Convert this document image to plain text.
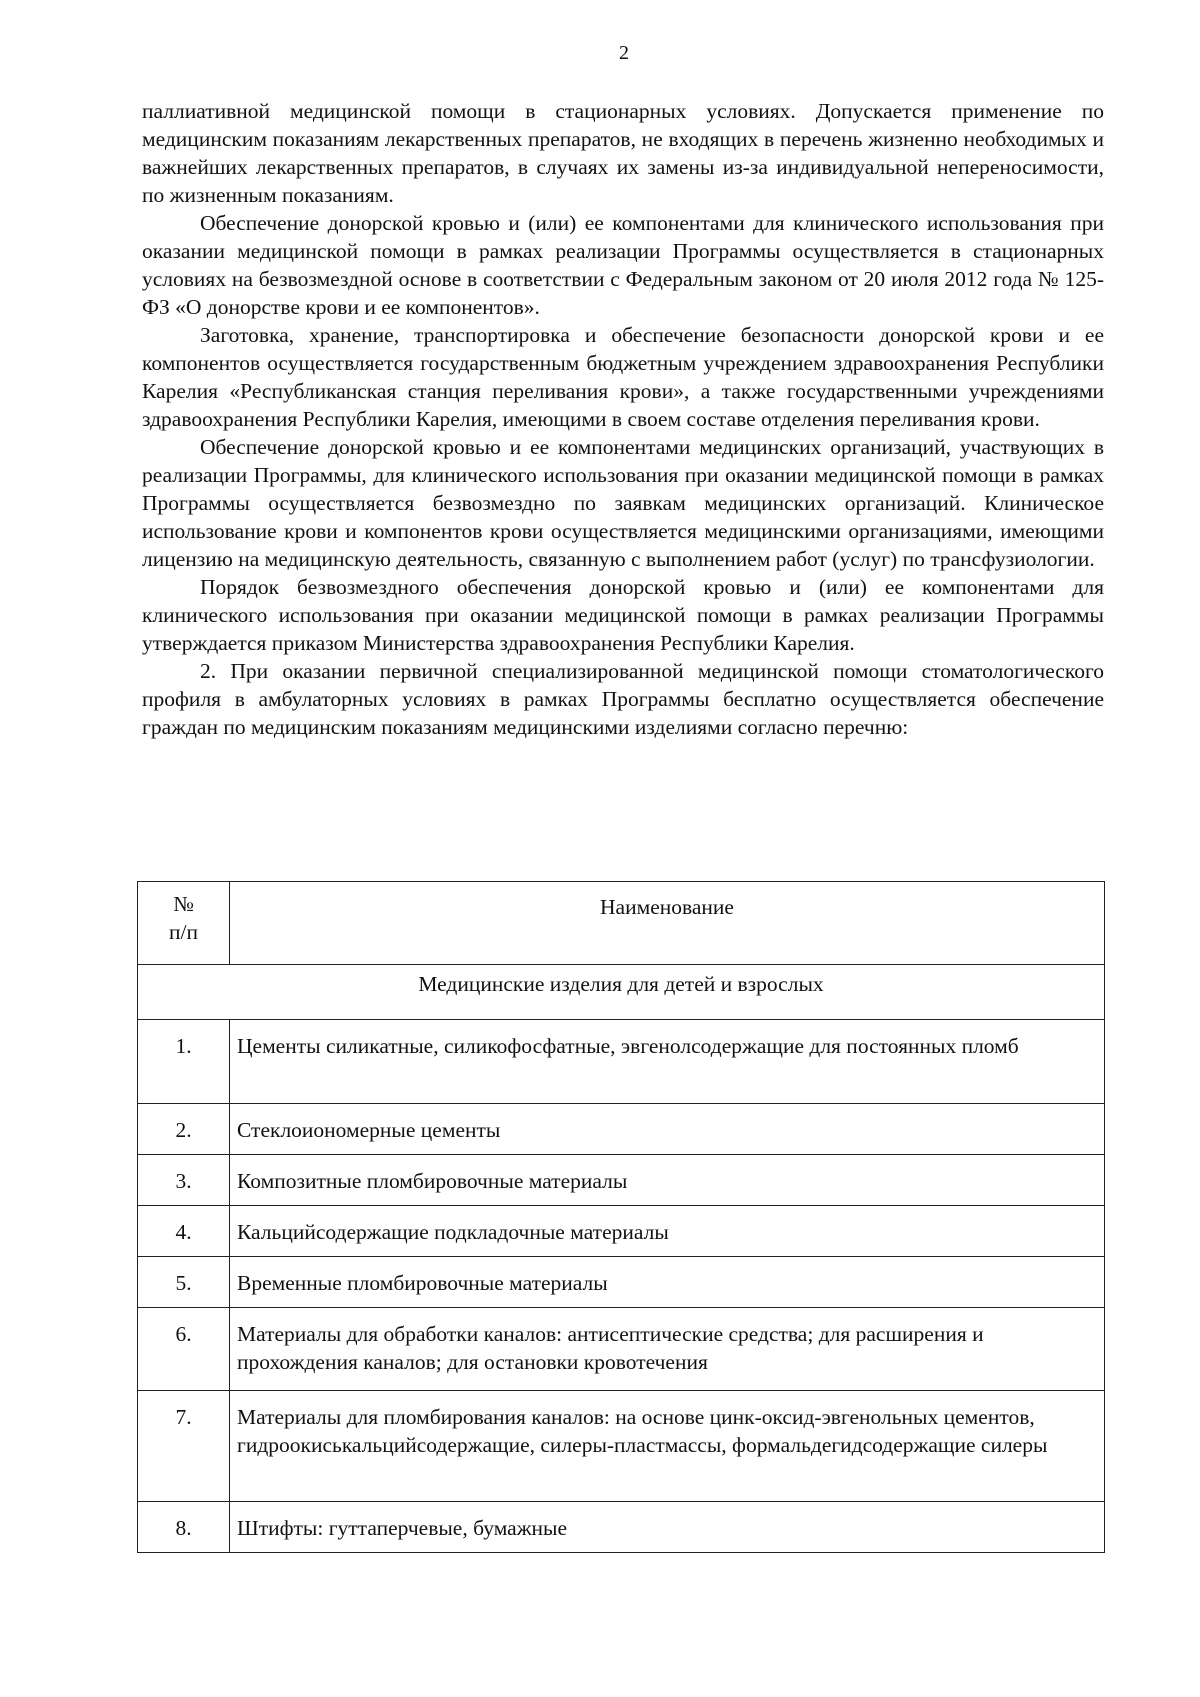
2

паллиативной медицинской помощи в стационарных условиях. Допускается применение по медицинским показаниям лекарственных препаратов, не входящих в перечень жизненно необходимых и важнейших лекарственных препаратов, в случаях их замены из-за индивидуальной непереносимости, по жизненным показаниям.

Обеспечение донорской кровью и (или) ее компонентами для клинического использования при оказании медицинской помощи в рамках реализации Программы осуществляется в стационарных условиях на безвозмездной основе в соответствии с Федеральным законом от 20 июля 2012 года № 125-ФЗ «О донорстве крови и ее компонентов».

Заготовка, хранение, транспортировка и обеспечение безопасности донорской крови и ее компонентов осуществляется государственным бюджетным учреждением здравоохранения Республики Карелия «Республиканская станция переливания крови», а также государственными учреждениями здравоохранения Республики Карелия, имеющими в своем составе отделения переливания крови.

Обеспечение донорской кровью и ее компонентами медицинских организаций, участвующих в реализации Программы, для клинического использования при оказании медицинской помощи в рамках Программы осуществляется безвозмездно по заявкам медицинских организаций. Клиническое использование крови и компонентов крови осуществляется медицинскими организациями, имеющими лицензию на медицинскую деятельность, связанную с выполнением работ (услуг) по трансфузиологии.

Порядок безвозмездного обеспечения донорской кровью и (или) ее компонентами для клинического использования при оказании медицинской помощи в рамках реализации Программы утверждается приказом Министерства здравоохранения Республики Карелия.

2. При оказании первичной специализированной медицинской помощи стоматологического профиля в амбулаторных условиях в рамках Программы бесплатно осуществляется обеспечение граждан по медицинским показаниям медицинскими изделиями согласно перечню:

№
п/п	Наименование
Медицинские изделия для детей и взрослых	
1.	Цементы силикатные, силикофосфатные, эвгенолсодержащие для постоянных пломб
2.	Стеклоиономерные цементы
3.	Композитные пломбировочные материалы
4.	Кальцийсодержащие подкладочные материалы
5.	Временные пломбировочные материалы
6.	Материалы для обработки каналов: антисептические средства; для расширения и прохождения каналов; для остановки кровотечения
7.	Материалы для пломбирования каналов: на основе цинк-оксид-эвгенольных цементов, гидроокиськальцийсодержащие, силеры-пластмассы, формальдегидсодержащие силеры
8.	Штифты: гуттаперчевые, бумажные
